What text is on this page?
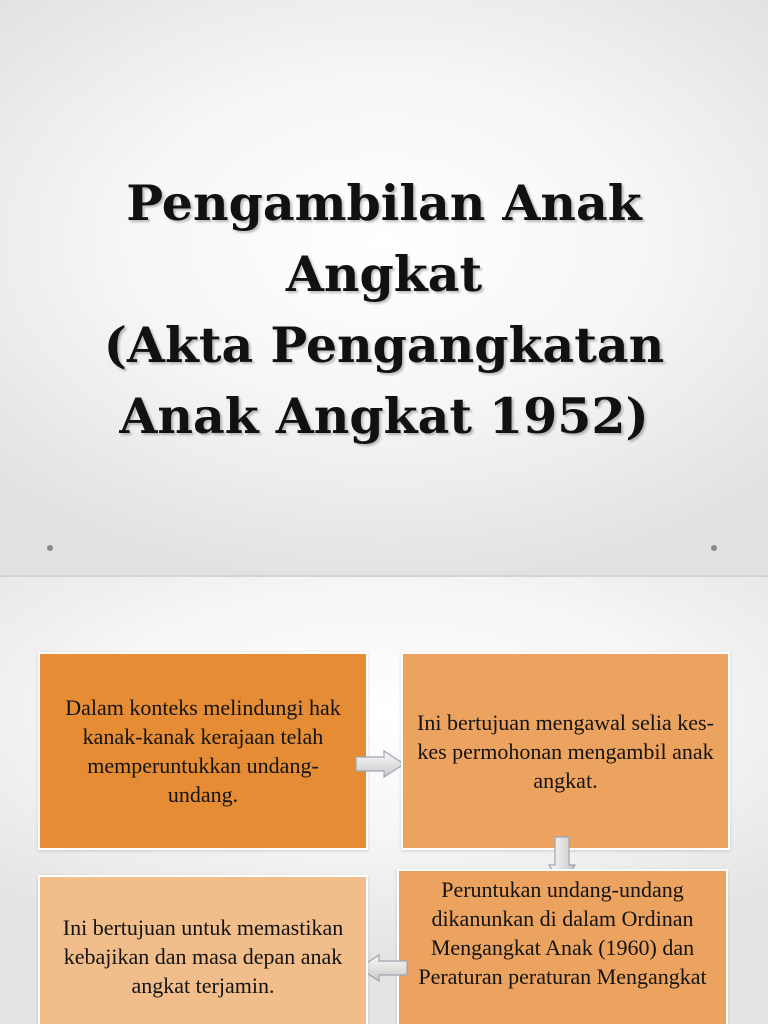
Pengambilan Anak
Angkat
(Akta Pengangkatan
Anak Angkat 1952)
Dalam konteks melindungi hak kanak-kanak kerajaan telah memperuntukkan undang-undang.
Ini bertujuan mengawal selia kes-kes permohonan mengambil anak angkat.
Peruntukan undang-undang dikanunkan di dalam Ordinan Mengangkat Anak (1960) dan Peraturan peraturan Mengangkat
Ini bertujuan untuk memastikan kebajikan dan masa depan anak angkat terjamin.
